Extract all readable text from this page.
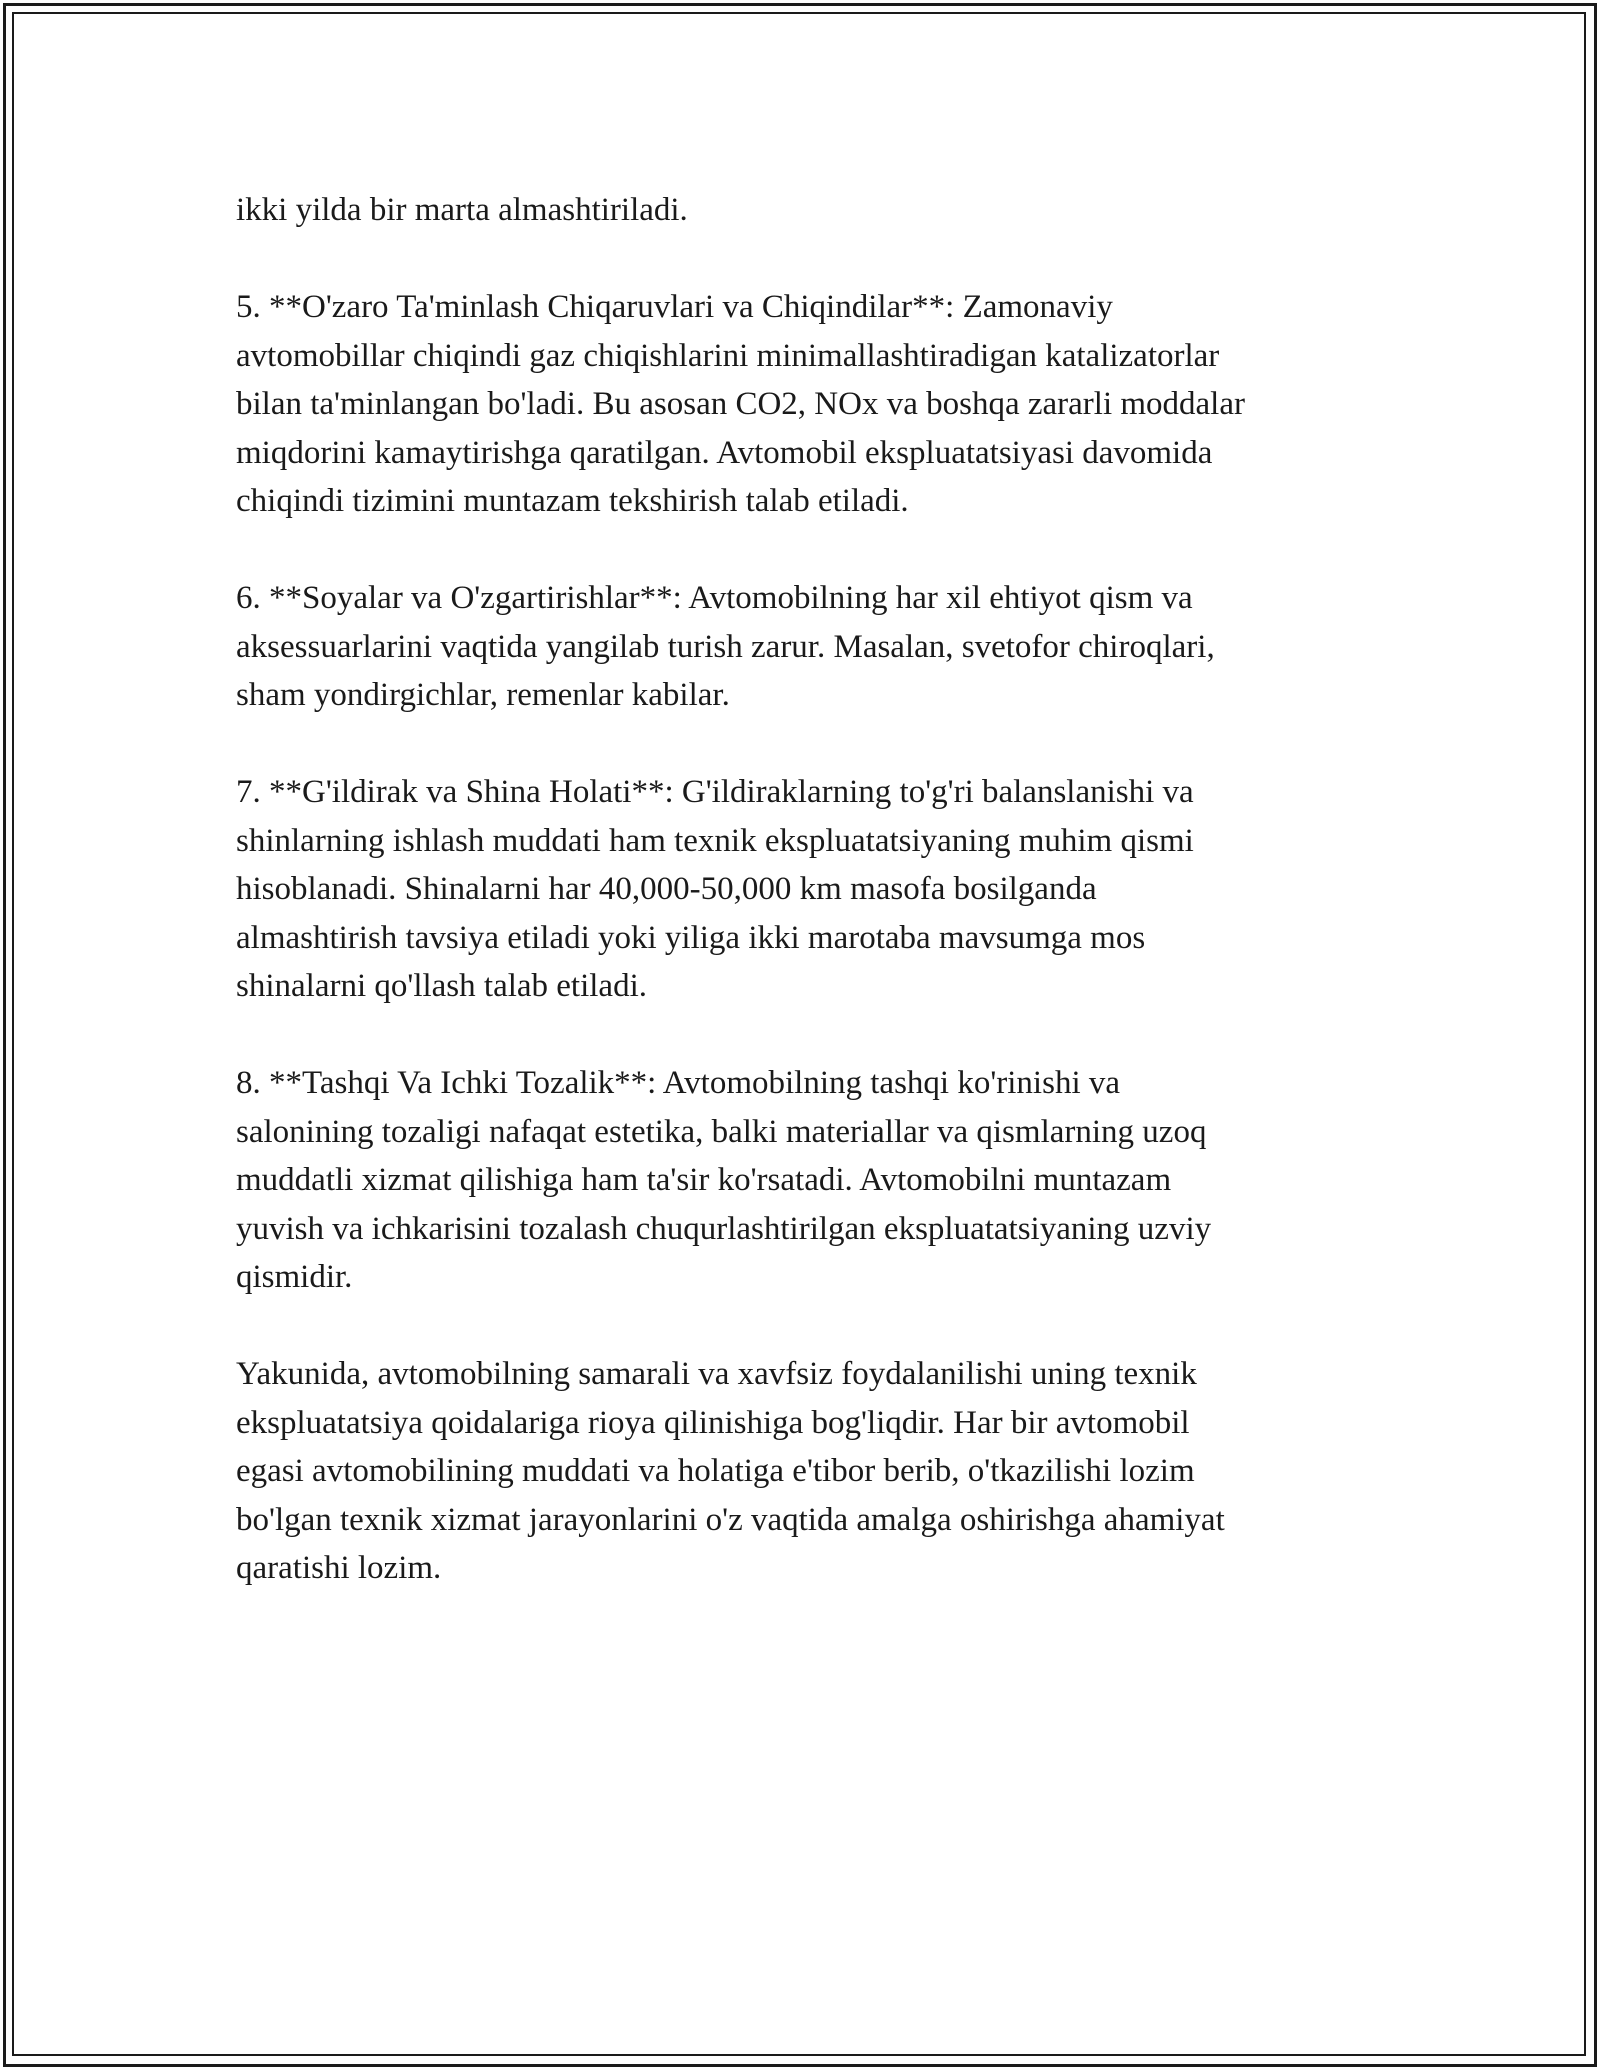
ikki yilda bir marta almashtiriladi.

5. **O'zaro Ta'minlash Chiqaruvlari va Chiqindilar**: Zamonaviy
avtomobillar chiqindi gaz chiqishlarini minimallashtiradigan katalizatorlar
bilan ta'minlangan bo'ladi. Bu asosan CO2, NOx va boshqa zararli moddalar
miqdorini kamaytirishga qaratilgan. Avtomobil ekspluatatsiyasi davomida
chiqindi tizimini muntazam tekshirish talab etiladi.

6. **Soyalar va O'zgartirishlar**: Avtomobilning har xil ehtiyot qism va
aksessuarlarini vaqtida yangilab turish zarur. Masalan, svetofor chiroqlari,
sham yondirgichlar, remenlar kabilar.

7. **G'ildirak va Shina Holati**: G'ildiraklarning to'g'ri balanslanishi va
shinlarning ishlash muddati ham texnik ekspluatatsiyaning muhim qismi
hisoblanadi. Shinalarni har 40,000-50,000 km masofa bosilganda
almashtirish tavsiya etiladi yoki yiliga ikki marotaba mavsumga mos
shinalarni qo'llash talab etiladi.

8. **Tashqi Va Ichki Tozalik**: Avtomobilning tashqi ko'rinishi va
salonining tozaligi nafaqat estetika, balki materiallar va qismlarning uzoq
muddatli xizmat qilishiga ham ta'sir ko'rsatadi. Avtomobilni muntazam
yuvish va ichkarisini tozalash chuqurlashtirilgan ekspluatatsiyaning uzviy
qismidir.

Yakunida, avtomobilning samarali va xavfsiz foydalanilishi uning texnik
ekspluatatsiya qoidalariga rioya qilinishiga bog'liqdir. Har bir avtomobil
egasi avtomobilining muddati va holatiga e'tibor berib, o'tkazilishi lozim
bo'lgan texnik xizmat jarayonlarini o'z vaqtida amalga oshirishga ahamiyat
qaratishi lozim.
